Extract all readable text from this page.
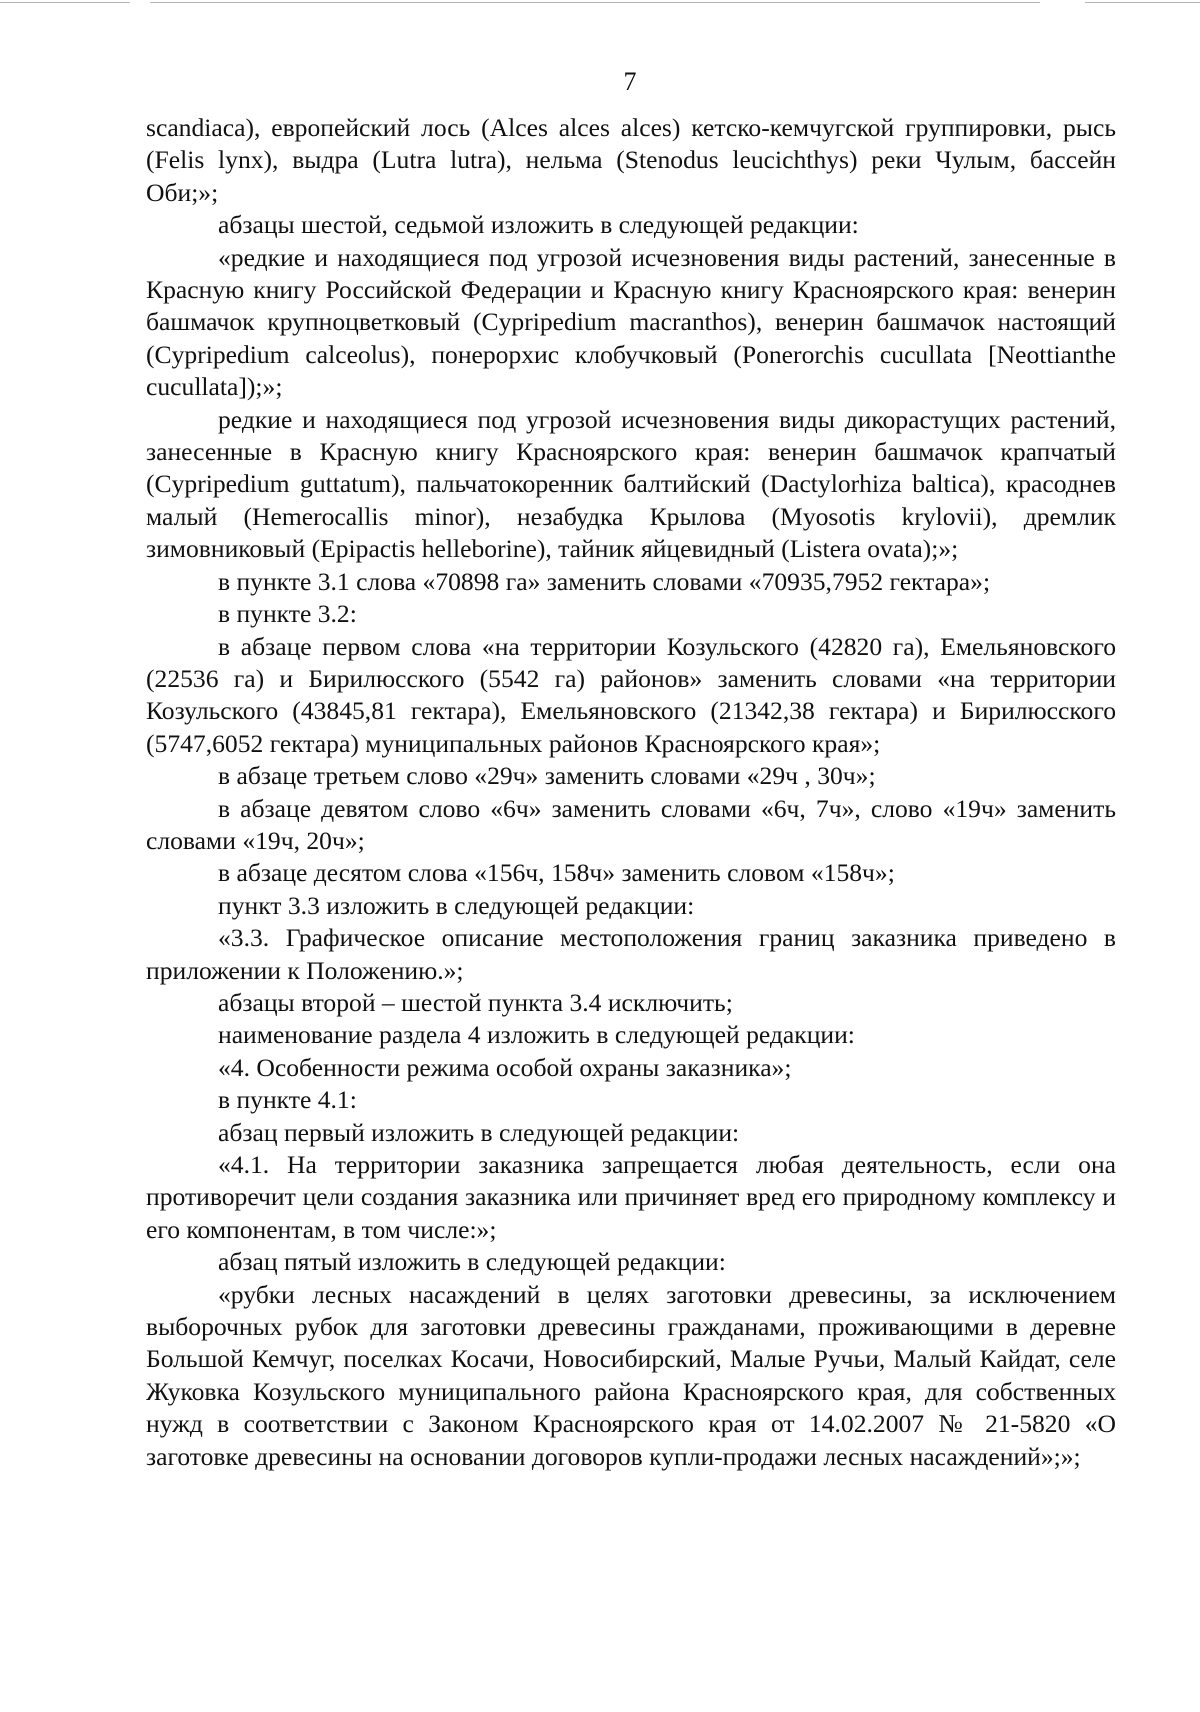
7

scandiaca), европейский лось (Alces alces alces) кетско-кемчугской группировки, рысь (Felis lynx), выдра (Lutra lutra), нельма (Stenodus leucichthys) реки Чулым, бассейн Оби;»;

абзацы шестой, седьмой изложить в следующей редакции:

«редкие и находящиеся под угрозой исчезновения виды растений, занесенные в Красную книгу Российской Федерации и Красную книгу Красноярского края: венерин башмачок крупноцветковый (Cypripedium macranthos), венерин башмачок настоящий (Cypripedium calceolus), понерорхис клобучковый (Ponerorchis cucullata [Neottianthe cucullata]);»;

редкие и находящиеся под угрозой исчезновения виды дикорастущих растений, занесенные в Красную книгу Красноярского края: венерин башмачок крапчатый (Cypripedium guttatum), пальчатокоренник балтийский (Dactylorhiza baltica), красоднев малый (Hemerocallis minor), незабудка Крылова (Myosotis krylovii), дремлик зимовниковый (Epipactis helleborine), тайник яйцевидный (Listera ovata);»;

в пункте 3.1 слова «70898 га» заменить словами «70935,7952 гектара»;

в пункте 3.2:

в абзаце первом слова «на территории Козульского (42820 га), Емельяновского (22536 га) и Бирилюсского (5542 га) районов» заменить словами «на территории Козульского (43845,81 гектара), Емельяновского (21342,38 гектара) и Бирилюсского (5747,6052 гектара) муниципальных районов Красноярского края»;

в абзаце третьем слово «29ч» заменить словами «29ч , 30ч»;

в абзаце девятом слово «6ч» заменить словами «6ч, 7ч», слово «19ч» заменить словами «19ч, 20ч»;

в абзаце десятом слова «156ч, 158ч» заменить словом «158ч»;

пункт 3.3 изложить в следующей редакции:

«3.3. Графическое описание местоположения границ заказника приведено в приложении к Положению.»;

абзацы второй – шестой пункта 3.4 исключить;

наименование раздела 4 изложить в следующей редакции:

«4. Особенности режима особой охраны заказника»;

в пункте 4.1:

абзац первый изложить в следующей редакции:

«4.1. На территории заказника запрещается любая деятельность, если она противоречит цели создания заказника или причиняет вред его природному комплексу и его компонентам, в том числе:»;

абзац пятый изложить в следующей редакции:

«рубки лесных насаждений в целях заготовки древесины, за исключением выборочных рубок для заготовки древесины гражданами, проживающими в деревне Большой Кемчуг, поселках Косачи, Новосибирский, Малые Ручьи, Малый Кайдат, селе Жуковка Козульского муниципального района Красноярского края, для собственных нужд в соответствии с Законом Красноярского края от 14.02.2007 № 21-5820 «О заготовке древесины на основании договоров купли-продажи лесных насаждений»;»;
